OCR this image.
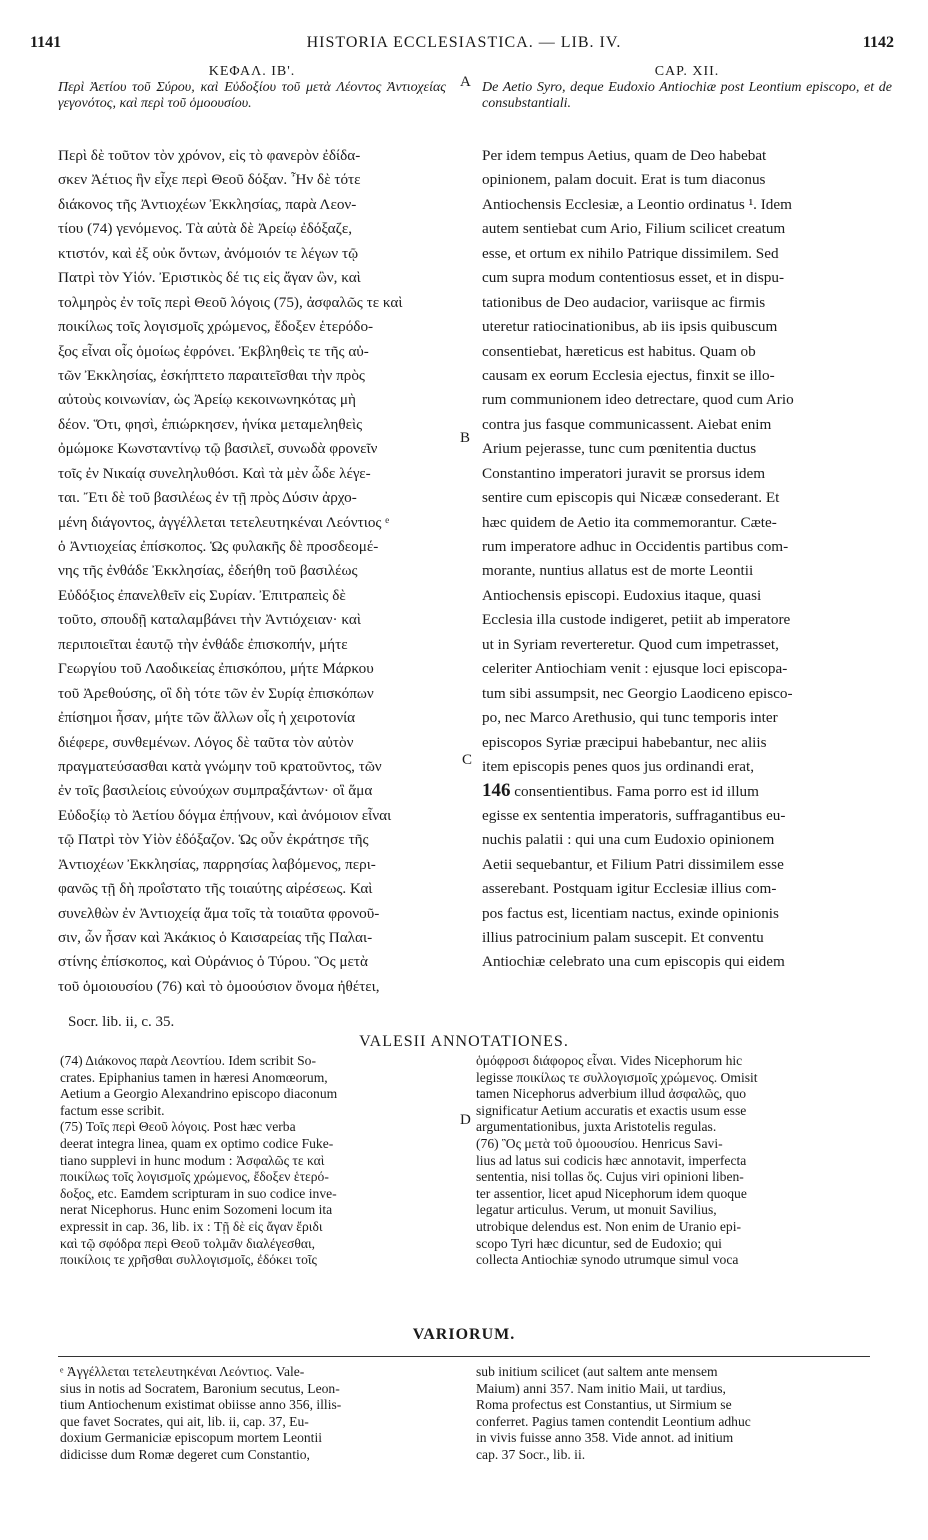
1141	HISTORIA ECCLESIASTICA. — LIB. IV.	1142
ΚΕΦΑΛ. ΙΒ'.
Περὶ Ἀετίου τοῦ Σύρου, καὶ Εὐδοξίου τοῦ μετὰ Λέοντος Ἀντιοχείας γεγονότος, καὶ περὶ τοῦ ὁμοουσίου.
Περὶ δὲ τοῦτον τὸν χρόνον, εἰς τὸ φανερὸν ἐδίδα-
σκεν Ἀέτιος ἣν εἶχε περὶ Θεοῦ δόξαν. Ἦν δὲ τότε
διάκονος τῆς Ἀντιοχέων Ἐκκλησίας, παρὰ Λεον-
τίου (74) γενόμενος. Τὰ αὐτὰ δὲ Ἀρείῳ ἐδόξαζε,
κτιστόν, καὶ ἐξ οὐκ ὄντων, ἀνόμοιόν τε λέγων τῷ
Πατρὶ τὸν Υἱόν. Ἐριστικὸς δέ τις εἰς ἄγαν ὢν, καὶ
τολμηρὸς ἐν τοῖς περὶ Θεοῦ λόγοις (75), ἀσφαλῶς τε καὶ
ποικίλως τοῖς λογισμοῖς χρώμενος, ἔδοξεν ἑτερόδο-
ξος εἶναι οἷς ὁμοίως ἐφρόνει. Ἐκβληθεὶς τε τῆς αὐ-
τῶν Ἐκκλησίας, ἐσκήπτετο παραιτεῖσθαι τὴν πρὸς
αὐτοὺς κοινωνίαν, ὡς Ἀρείῳ κεκοινωνηκότας μὴ
δέον. Ὅτι, φησὶ, ἐπιώρκησεν, ἡνίκα μεταμεληθεὶς
ὀμώμοκε Κωνσταντίνῳ τῷ βασιλεῖ, συνωδὰ φρονεῖν
τοῖς ἐν Νικαίᾳ συνεληλυθόσι. Καὶ τὰ μὲν ὧδε λέγε-
ται. Ἔτι δὲ τοῦ βασιλέως ἐν τῇ πρὸς Δύσιν ἀρχο-
μένη διάγοντος, ἀγγέλλεται τετελευτηκέναι Λεόντιος ᵉ
ὁ Ἀντιοχείας ἐπίσκοπος. Ὡς φυλακῆς δὲ προσδεομέ-
νης τῆς ἐνθάδε Ἐκκλησίας, ἐδεήθη τοῦ βασιλέως
Εὐδόξιος ἐπανελθεῖν εἰς Συρίαν. Ἐπιτραπεὶς δὲ
τοῦτο, σπουδῇ καταλαμβάνει τὴν Ἀντιόχειαν· καὶ
περιποιεῖται ἑαυτῷ τὴν ἐνθάδε ἐπισκοπήν, μήτε
Γεωργίου τοῦ Λαοδικείας ἐπισκόπου, μήτε Μάρκου
τοῦ Ἀρεθούσης, οἳ δὴ τότε τῶν ἐν Συρίᾳ ἐπισκόπων
ἐπίσημοι ἦσαν, μήτε τῶν ἄλλων οἷς ἡ χειροτονία
διέφερε, συνθεμένων. Λόγος δὲ ταῦτα τὸν αὐτὸν
πραγματεύσασθαι κατὰ γνώμην τοῦ κρατοῦντος, τῶν
ἐν τοῖς βασιλείοις εὐνούχων συμπραξάντων· οἳ ἅμα
Εὐδοξίῳ τὸ Ἀετίου δόγμα ἐπῄνουν, καὶ ἀνόμοιον εἶναι
τῷ Πατρὶ τὸν Υἱὸν ἐδόξαζον. Ὡς οὖν ἐκράτησε τῆς
Ἀντιοχέων Ἐκκλησίας, παρρησίας λαβόμενος, περι-
φανῶς τῇ δὴ προΐστατο τῆς τοιαύτης αἱρέσεως. Καὶ
συνελθὼν ἐν Ἀντιοχείᾳ ἅμα τοῖς τὰ τοιαῦτα φρονοῦ-
σιν, ὧν ἦσαν καὶ Ἀκάκιος ὁ Καισαρείας τῆς Παλαι-
στίνης ἐπίσκοπος, καὶ Οὐράνιος ὁ Τύρου. Ὃς μετὰ
τοῦ ὁμοιουσίου (76) καὶ τὸ ὁμοούσιον ὄνομα ἠθέτει,
CAP. XII.
De Aetio Syro, deque Eudoxio Antiochiæ post Leontium episcopo, et de consubstantiali.
Per idem tempus Aetius, quam de Deo habebat
opinionem, palam docuit. Erat is tum diaconus
Antiochensis Ecclesiæ, a Leontio ordinatus ¹. Idem
autem sentiebat cum Ario, Filium scilicet creatum
esse, et ortum ex nihilo Patrique dissimilem. Sed
cum supra modum contentiosus esset, et in dispu-
tationibus de Deo audacior, variisque ac firmis
uteretur ratiocinationibus, ab iis ipsis quibuscum
consentiebat, hæreticus est habitus. Quam ob
causam ex eorum Ecclesia ejectus, finxit se illo-
rum communionem ideo detrectare, quod cum Ario
contra jus fasque communicassent. Aiebat enim
Arium pejerasse, tunc cum pœnitentia ductus
Constantino imperatori juravit se prorsus idem
sentire cum episcopis qui Nicææ consederant. Et
hæc quidem de Aetio ita commemorantur. Cæte-
rum imperatore adhuc in Occidentis partibus com-
morante, nuntius allatus est de morte Leontii
Antiochensis episcopi. Eudoxius itaque, quasi
Ecclesia illa custode indigeret, petiit ab imperatore
ut in Syriam reverteretur. Quod cum impetrasset,
celeriter Antiochiam venit : ejusque loci episcopa-
tum sibi assumpsit, nec Georgio Laodiceno episco-
po, nec Marco Arethusio, qui tunc temporis inter
episcopos Syriæ præcipui habebantur, nec aliis
item episcopis penes quos jus ordinandi erat,
146 consentientibus. Fama porro est id illum
egisse ex sententia imperatoris, suffragantibus eu-
nuchis palatii : qui una cum Eudoxio opinionem
Aetii sequebantur, et Filium Patri dissimilem esse
asserebant. Postquam igitur Ecclesiæ illius com-
pos factus est, licentiam nactus, exinde opinionis
illius patrocinium palam suscepit. Et conventu
Antiochiæ celebrato una cum episcopis qui eidem
A
B
C
D
Socr. lib. ii, c. 35.
VALESII ANNOTATIONES.
(74) Διάκονος παρὰ Λεοντίου. Idem scribit So-
crates. Epiphanius tamen in hæresi Anomœorum,
Aetium a Georgio Alexandrino episcopo diaconum
factum esse scribit.
(75) Τοῖς περὶ Θεοῦ λόγοις. Post hæc verba
deerat integra linea, quam ex optimo codice Fuke-
tiano supplevi in hunc modum : Ἀσφαλῶς τε καὶ
ποικίλως τοῖς λογισμοῖς χρώμενος, ἔδοξεν ἑτερό-
δοξος, etc. Eamdem scripturam in suo codice inve-
nerat Nicephorus. Hunc enim Sozomeni locum ita
expressit in cap. 36, lib. ix : Τῇ δὲ εἰς ἄγαν ἔριδι
καὶ τῷ σφόδρα περὶ Θεοῦ τολμᾶν διαλέγεσθαι,
ποικίλοις τε χρῆσθαι συλλογισμοῖς, ἐδόκει τοῖς
ὁμόφροσι διάφορος εἶναι. Vides Nicephorum hic
legisse ποικίλως τε συλλογισμοῖς χρώμενος. Omisit
tamen Nicephorus adverbium illud ἀσφαλῶς, quo
significatur Aetium accuratis et exactis usum esse
argumentationibus, juxta Aristotelis regulas.
(76) Ὃς μετὰ τοῦ ὁμοουσίου. Henricus Savi-
lius ad latus sui codicis hæc annotavit, imperfecta
sententia, nisi tollas ὅς. Cujus viri opinioni liben-
ter assentior, licet apud Nicephorum idem quoque
legatur articulus. Verum, ut monuit Savilius,
utrobique delendus est. Non enim de Uranio epi-
scopo Tyri hæc dicuntur, sed de Eudoxio; qui
collecta Antiochiæ synodo utrumque simul voca
VARIORUM.
ᵉ Ἀγγέλλεται τετελευτηκέναι Λεόντιος. Vale-
sius in notis ad Socratem, Baronium secutus, Leon-
tium Antiochenum existimat obiisse anno 356, illis-
que favet Socrates, qui ait, lib. ii, cap. 37, Eu-
doxium Germaniciæ episcopum mortem Leontii
didicisse dum Romæ degeret cum Constantio,
sub initium scilicet (aut saltem ante mensem
Maium) anni 357. Nam initio Maii, ut tardius,
Roma profectus est Constantius, ut Sirmium se
conferret. Pagius tamen contendit Leontium adhuc
in vivis fuisse anno 358. Vide annot. ad initium
cap. 37 Socr., lib. ii.
